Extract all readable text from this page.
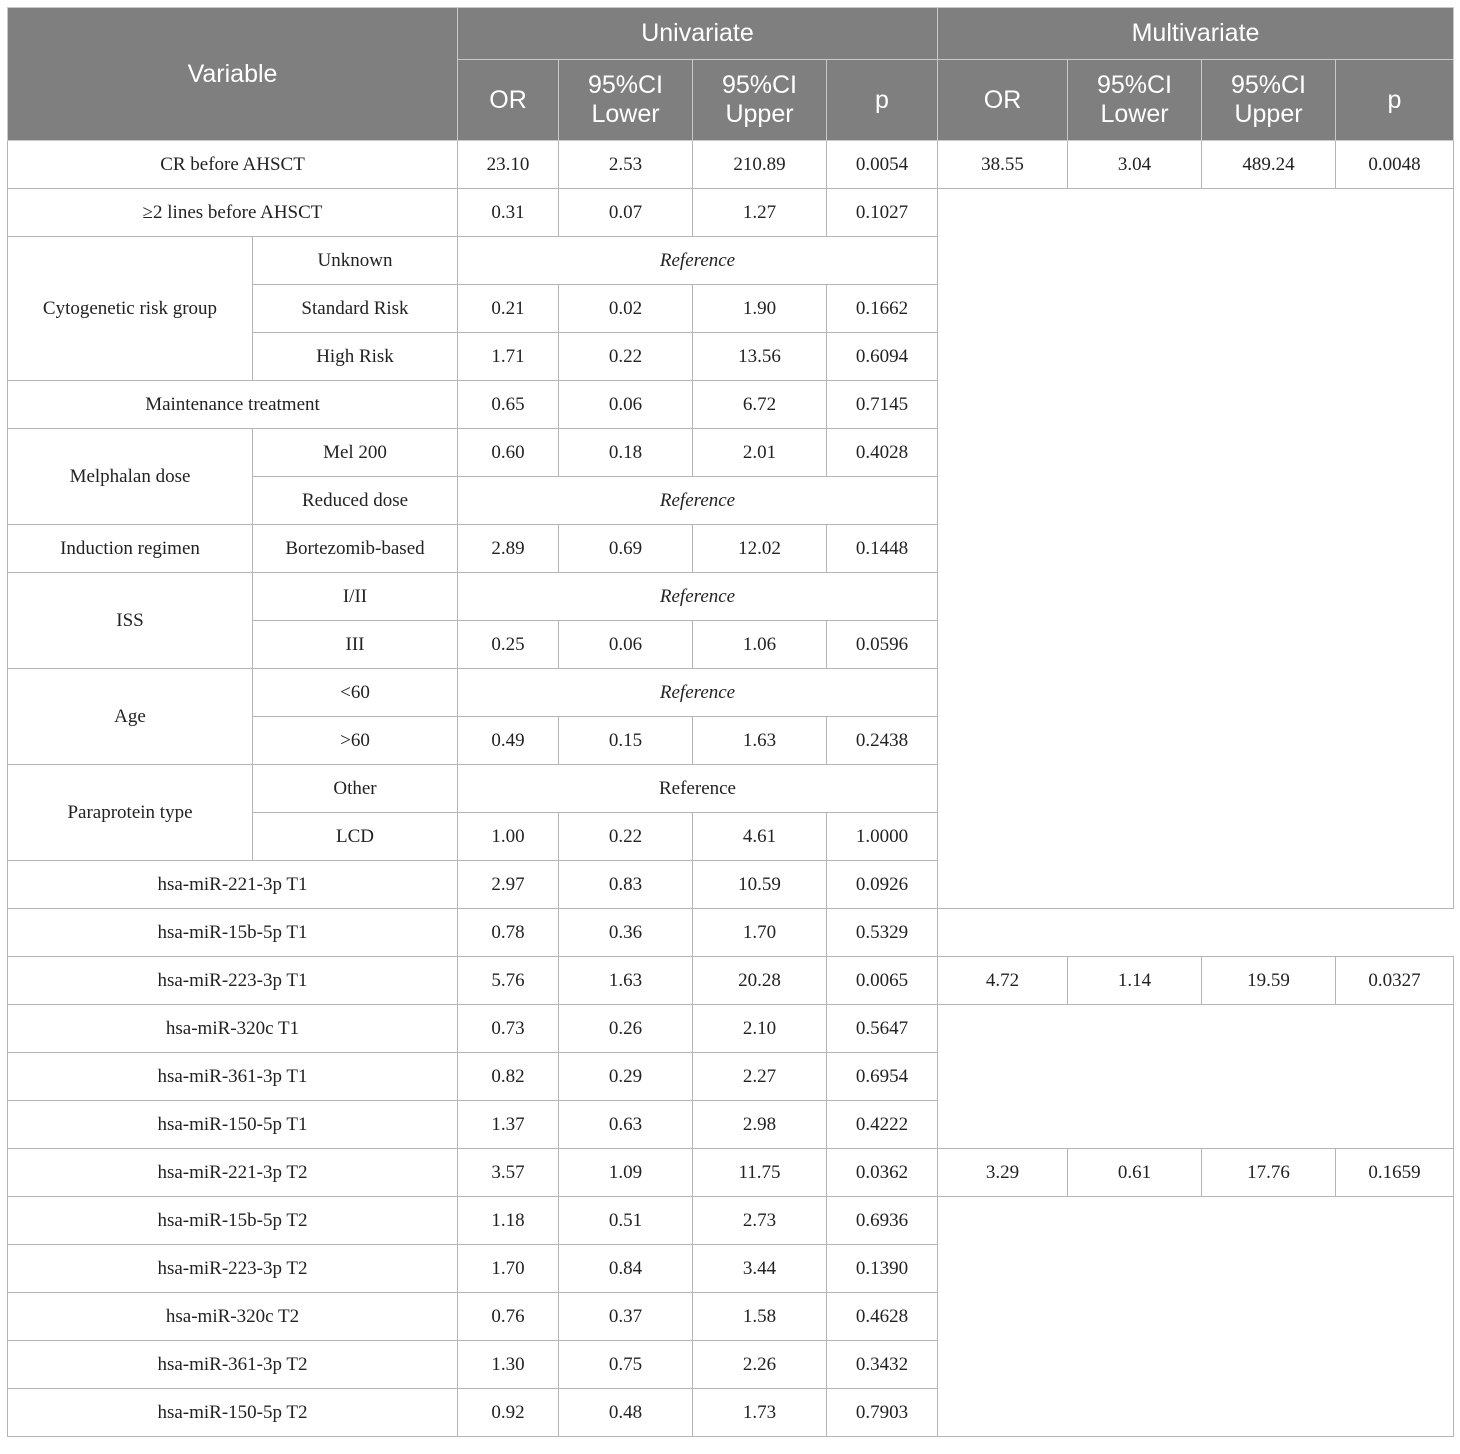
Variable		Univariate				Multivariate			
		OR	95%CI Lower	95%CI Upper	p	OR	95%CI Lower	95%CI Upper	p
CR before AHSCT		23.10	2.53	210.89	0.0054	38.55	3.04	489.24	0.0048
≥2 lines before AHSCT		0.31	0.07	1.27	0.1027				
Cytogenetic risk group	Unknown	Reference							
	Standard Risk	0.21	0.02	1.90	0.1662				
	High Risk	1.71	0.22	13.56	0.6094				
Maintenance treatment		0.65	0.06	6.72	0.7145				
Melphalan dose	Mel 200	0.60	0.18	2.01	0.4028				
	Reduced dose	Reference							
Induction regimen	Bortezomib-based	2.89	0.69	12.02	0.1448				
ISS	I/II	Reference							
	III	0.25	0.06	1.06	0.0596				
Age	<60	Reference							
	>60	0.49	0.15	1.63	0.2438				
Paraprotein type	Other	Reference							
	LCD	1.00	0.22	4.61	1.0000				
hsa-miR-221-3p T1		2.97	0.83	10.59	0.0926				
hsa-miR-15b-5p T1		0.78	0.36	1.70	0.5329				
hsa-miR-223-3p T1		5.76	1.63	20.28	0.0065	4.72	1.14	19.59	0.0327
hsa-miR-320c T1		0.73	0.26	2.10	0.5647				
hsa-miR-361-3p T1		0.82	0.29	2.27	0.6954				
hsa-miR-150-5p T1		1.37	0.63	2.98	0.4222				
hsa-miR-221-3p T2		3.57	1.09	11.75	0.0362	3.29	0.61	17.76	0.1659
hsa-miR-15b-5p T2		1.18	0.51	2.73	0.6936				
hsa-miR-223-3p T2		1.70	0.84	3.44	0.1390				
hsa-miR-320c T2		0.76	0.37	1.58	0.4628				
hsa-miR-361-3p T2		1.30	0.75	2.26	0.3432				
hsa-miR-150-5p T2		0.92	0.48	1.73	0.7903				
